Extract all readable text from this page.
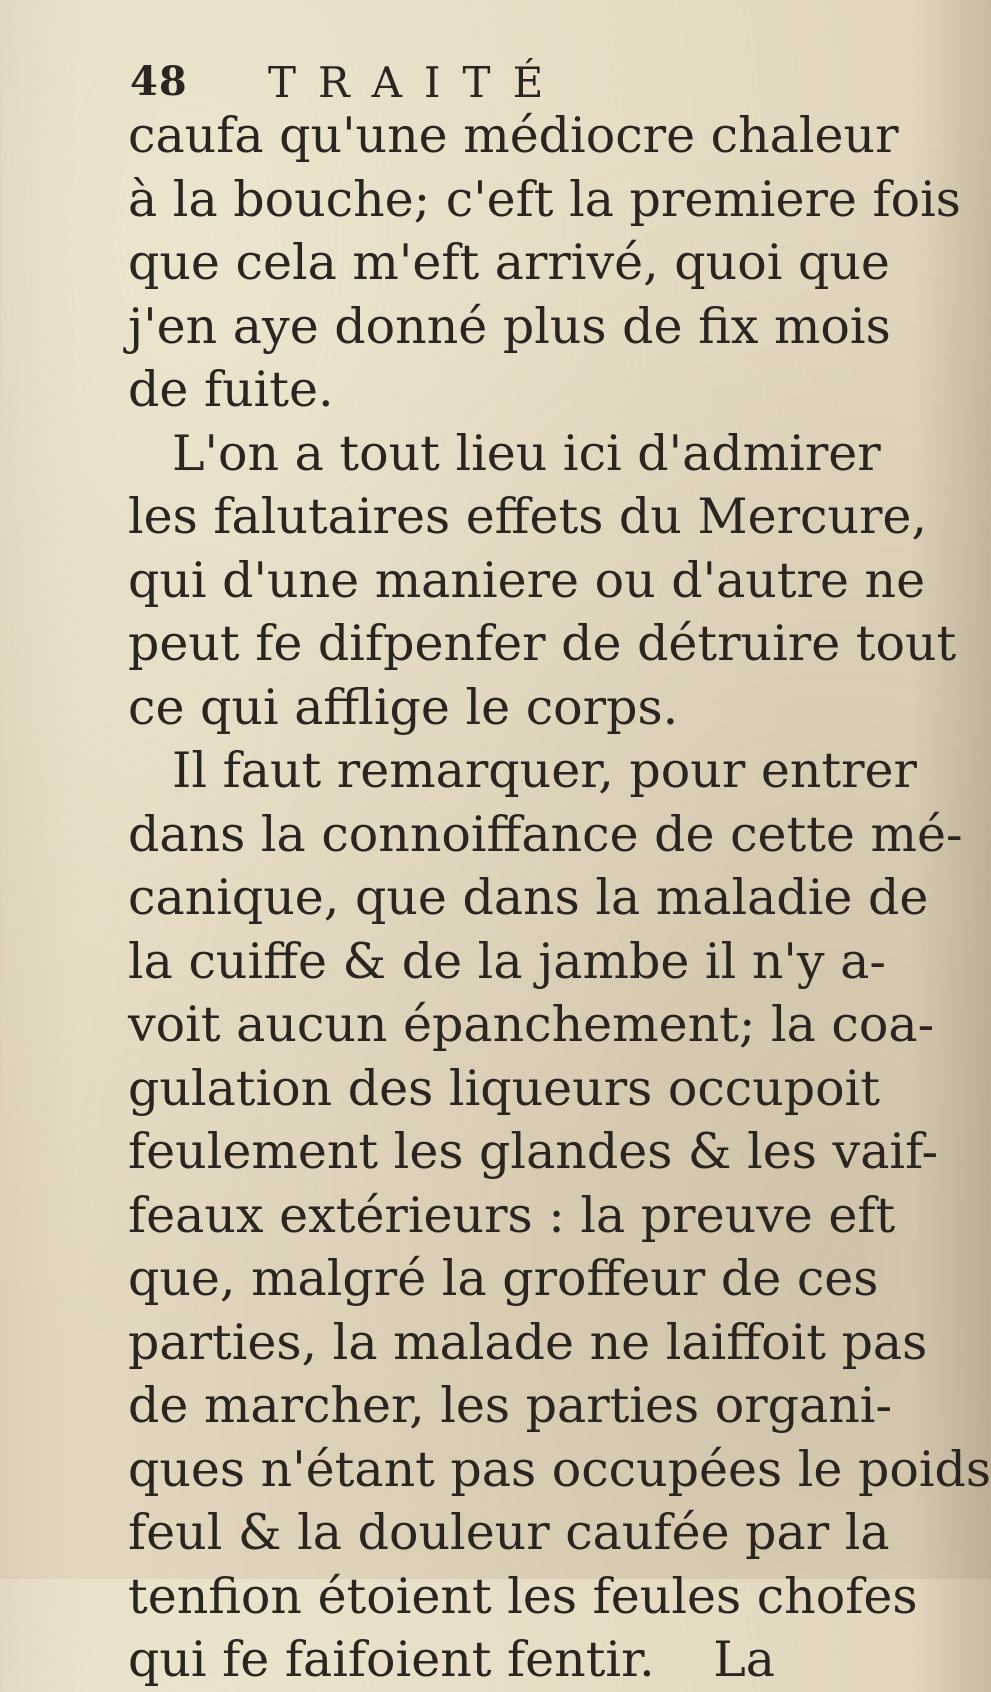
48 TRAITÉ
caufa qu'une médiocre chaleur
à la bouche; c'eft la premiere fois
que cela m'eft arrivé, quoi que
j'en aye donné plus de fix mois
de fuite.
L'on a tout lieu ici d'admirer
les falutaires effets du Mercure,
qui d'une maniere ou d'autre ne
peut fe difpenfer de détruire tout
ce qui afflige le corps.
Il faut remarquer, pour entrer
dans la connoiffance de cette mé-
canique, que dans la maladie de
la cuiffe & de la jambe il n'y a-
voit aucun épanchement; la coa-
gulation des liqueurs occupoit
feulement les glandes & les vaif-
feaux extérieurs : la preuve eft
que, malgré la groffeur de ces
parties, la malade ne laiffoit pas
de marcher, les parties organi-
ques n'étant pas occupées le poids
feul & la douleur caufée par la
tenfion étoient les feules chofes
qui fe faifoient fentir. La
